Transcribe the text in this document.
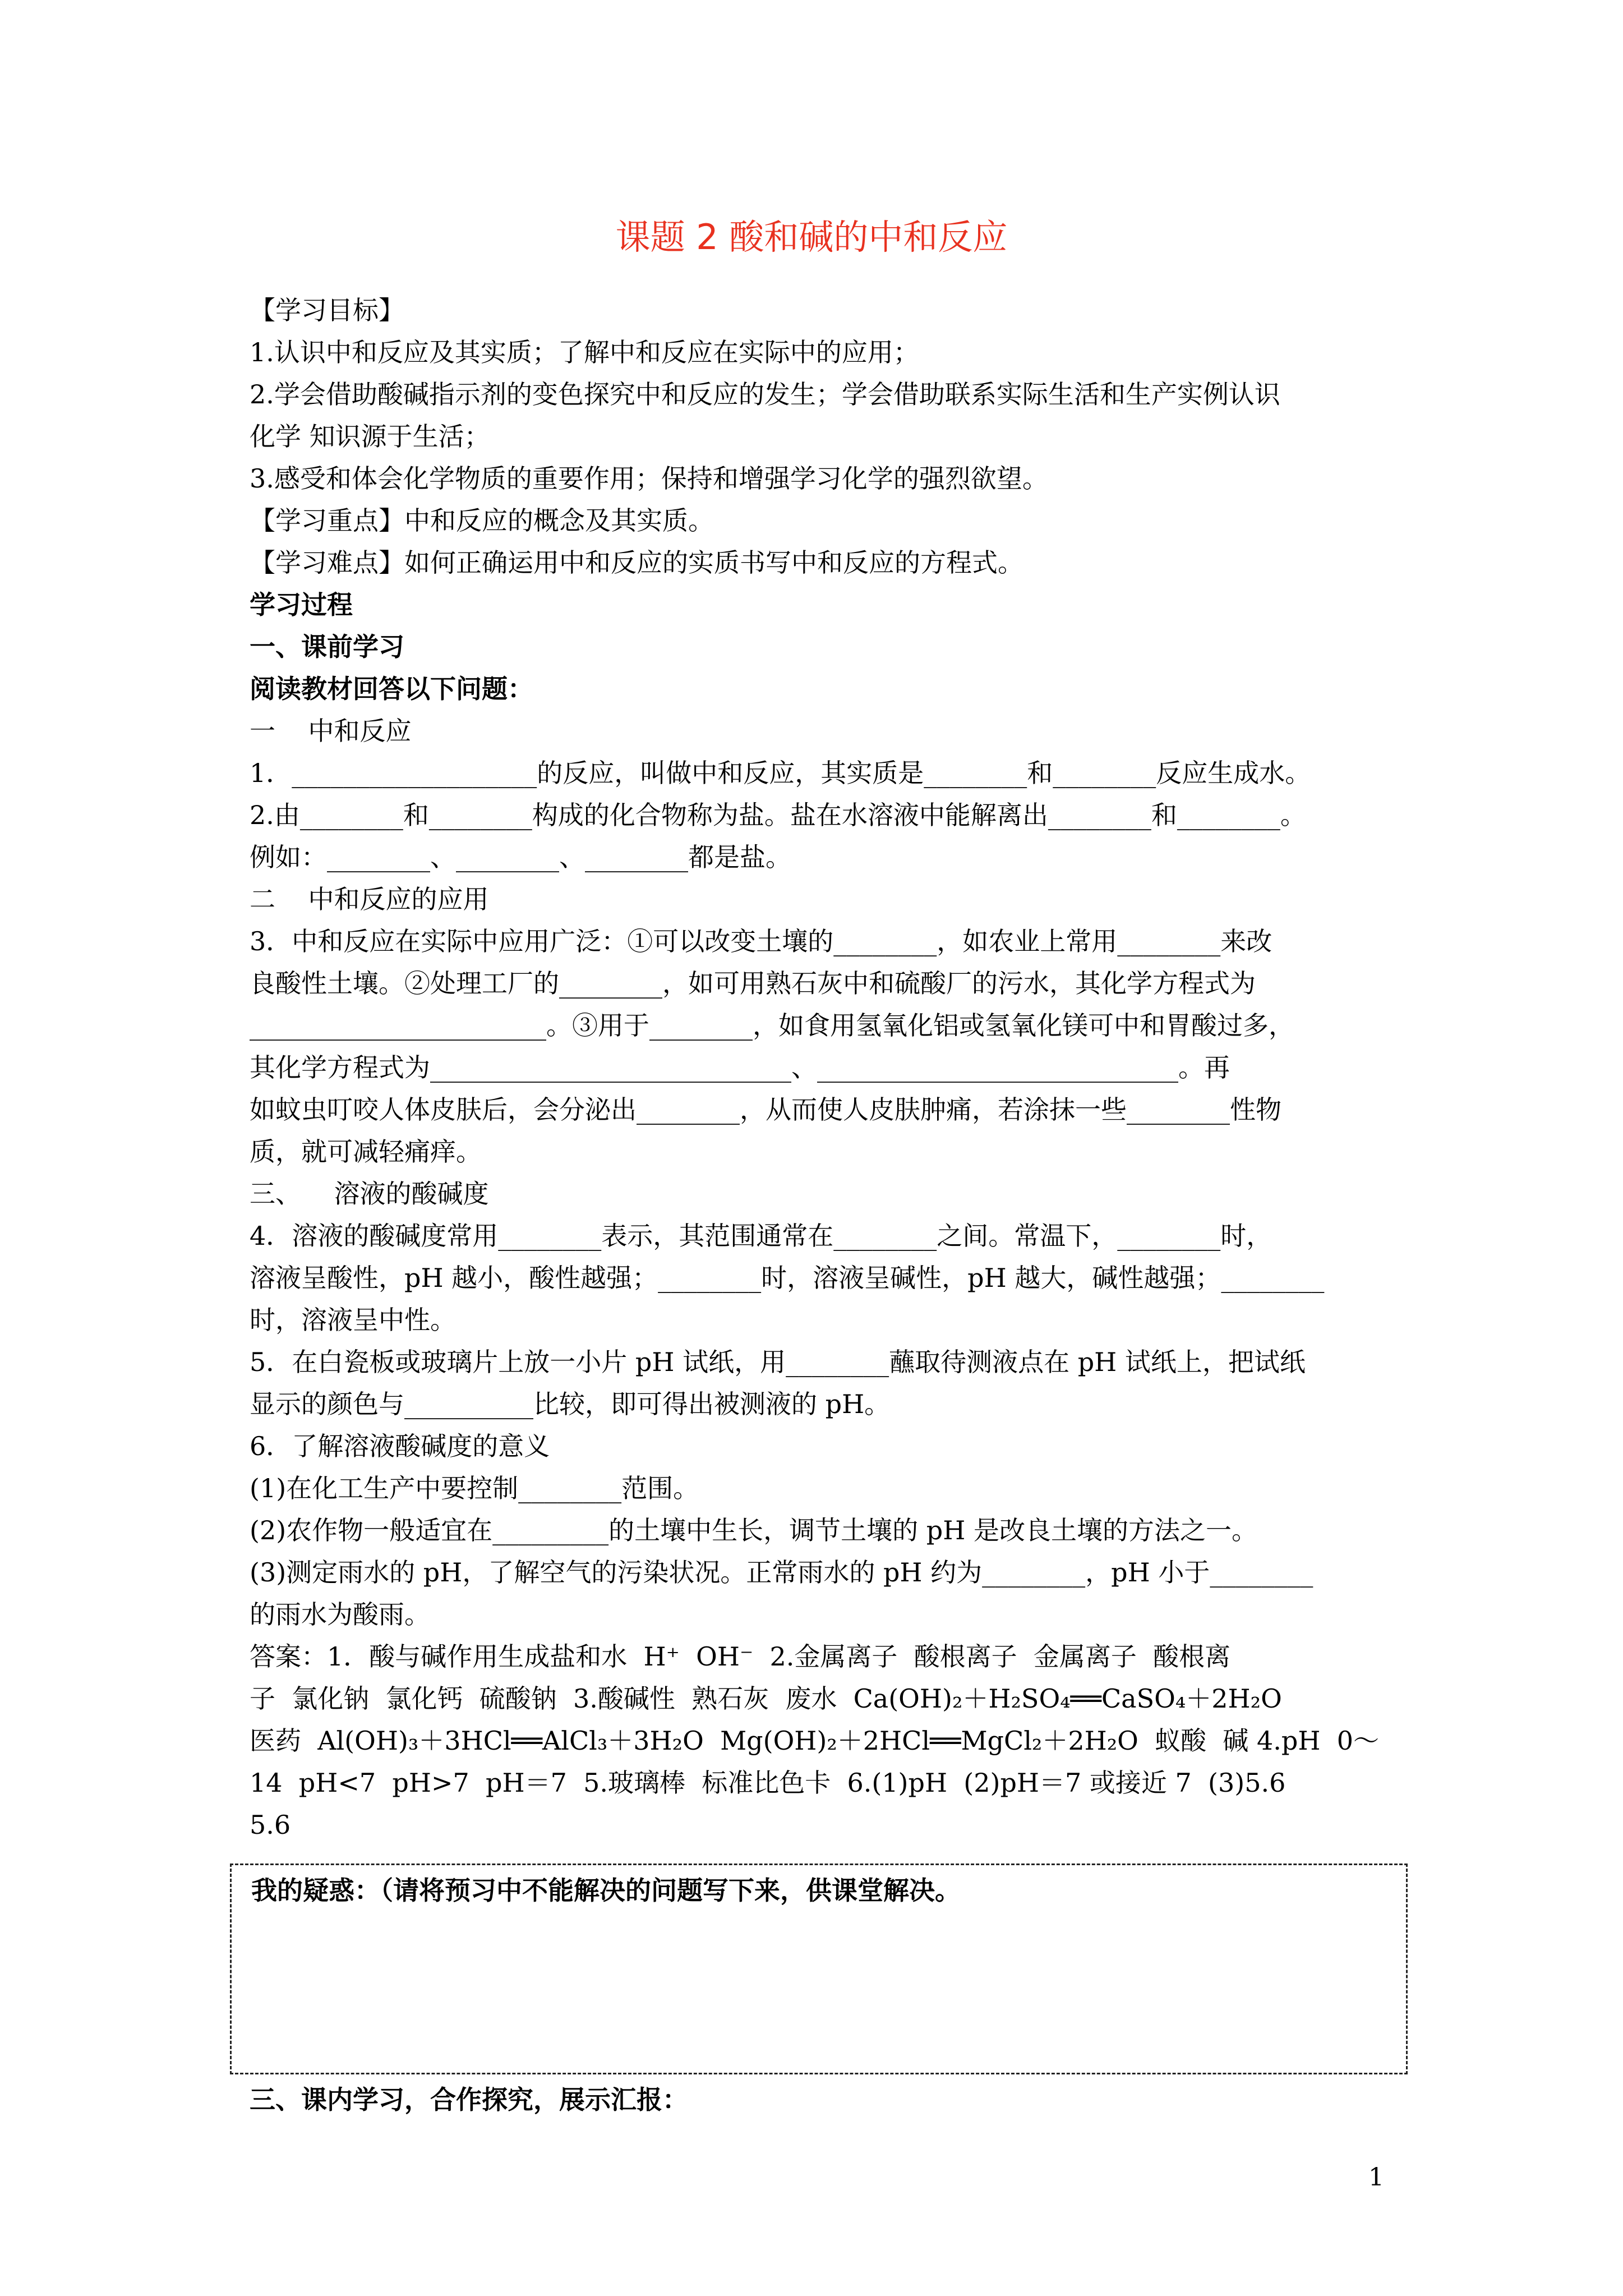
课题 2 酸和碱的中和反应
【学习目标】
1.认识中和反应及其实质；了解中和反应在实际中的应用；
2.学会借助酸碱指示剂的变色探究中和反应的发生；学会借助联系实际生活和生产实例认识
化学 知识源于生活；
3.感受和体会化学物质的重要作用；保持和增强学习化学的强烈欲望。
【学习重点】中和反应的概念及其实质。
【学习难点】如何正确运用中和反应的实质书写中和反应的方程式。
学习过程
一、课前学习
阅读教材回答以下问题：
一    中和反应
1．___________________的反应，叫做中和反应，其实质是________和________反应生成水。
2.由________和________构成的化合物称为盐。盐在水溶液中能解离出________和________。
例如：________、________、________都是盐。
二    中和反应的应用
3．中和反应在实际中应用广泛：①可以改变土壤的________，如农业上常用________来改
良酸性土壤。②处理工厂的________，如可用熟石灰中和硫酸厂的污水，其化学方程式为
_______________________。③用于________，如食用氢氧化铝或氢氧化镁可中和胃酸过多，
其化学方程式为____________________________、____________________________。再
如蚊虫叮咬人体皮肤后，会分泌出________，从而使人皮肤肿痛，若涂抹一些________性物
质，就可减轻痛痒。
三、    溶液的酸碱度
4．溶液的酸碱度常用________表示，其范围通常在________之间。常温下，________时，
溶液呈酸性，pH 越小，酸性越强；________时，溶液呈碱性，pH 越大，碱性越强；________
时，溶液呈中性。
5．在白瓷板或玻璃片上放一小片 pH 试纸，用________蘸取待测液点在 pH 试纸上，把试纸
显示的颜色与__________比较，即可得出被测液的 pH。
6．了解溶液酸碱度的意义
(1)在化工生产中要控制________范围。
(2)农作物一般适宜在_________的土壤中生长，调节土壤的 pH 是改良土壤的方法之一。
(3)测定雨水的 pH，了解空气的污染状况。正常雨水的 pH 约为________，pH 小于________
的雨水为酸雨。
答案：1．酸与碱作用生成盐和水  H⁺  OH⁻  2.金属离子  酸根离子  金属离子  酸根离
子  氯化钠  氯化钙  硫酸钠  3.酸碱性  熟石灰  废水  Ca(OH)₂＋H₂SO₄══CaSO₄＋2H₂O
医药  Al(OH)₃＋3HCl══AlCl₃＋3H₂O  Mg(OH)₂＋2HCl══MgCl₂＋2H₂O  蚁酸  碱 4.pH  0～
14  pH<7  pH>7  pH＝7  5.玻璃棒  标准比色卡  6.(1)pH  (2)pH＝7 或接近 7  (3)5.6
5.6
我的疑惑：（请将预习中不能解决的问题写下来，供课堂解决。
三、课内学习，合作探究，展示汇报：
1
